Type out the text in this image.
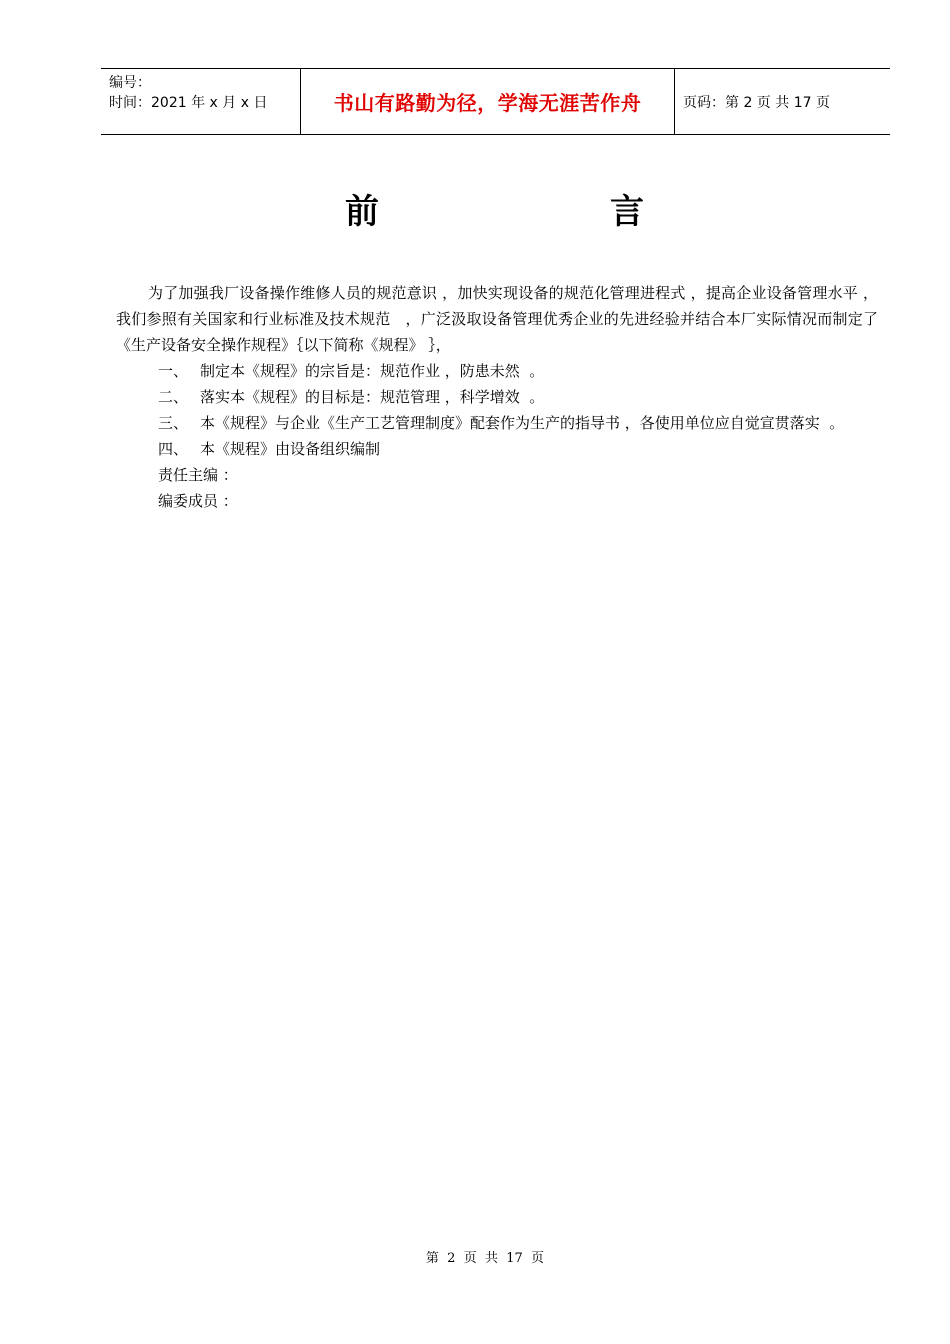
编号：
时间：2021 年 x 月 x 日	书山有路勤为径，学海无涯苦作舟	页码：第 2 页 共 17 页
前	言

为了加强我厂设备操作维修人员的规范意识 ，加快实现设备的规范化管理进程式 ，提高企业设备管理水平 ，我们参照有关国家和行业标准及技术规范   ，广泛汲取设备管理优秀企业的先进经验并结合本厂实际情况而制定了《生产设备安全操作规程》｛以下简称《规程》 ｝，

一、 制定本《规程》的宗旨是：规范作业 ，防患未然  。
二、 落实本《规程》的目标是：规范管理 ，科学增效  。
三、 本《规程》与企业《生产工艺管理制度》配套作为生产的指导书 ，各使用单位应自觉宣贯落实  。
四、 本《规程》由设备组织编制
责任主编 ：
编委成员 ：
第  2  页  共  17  页
